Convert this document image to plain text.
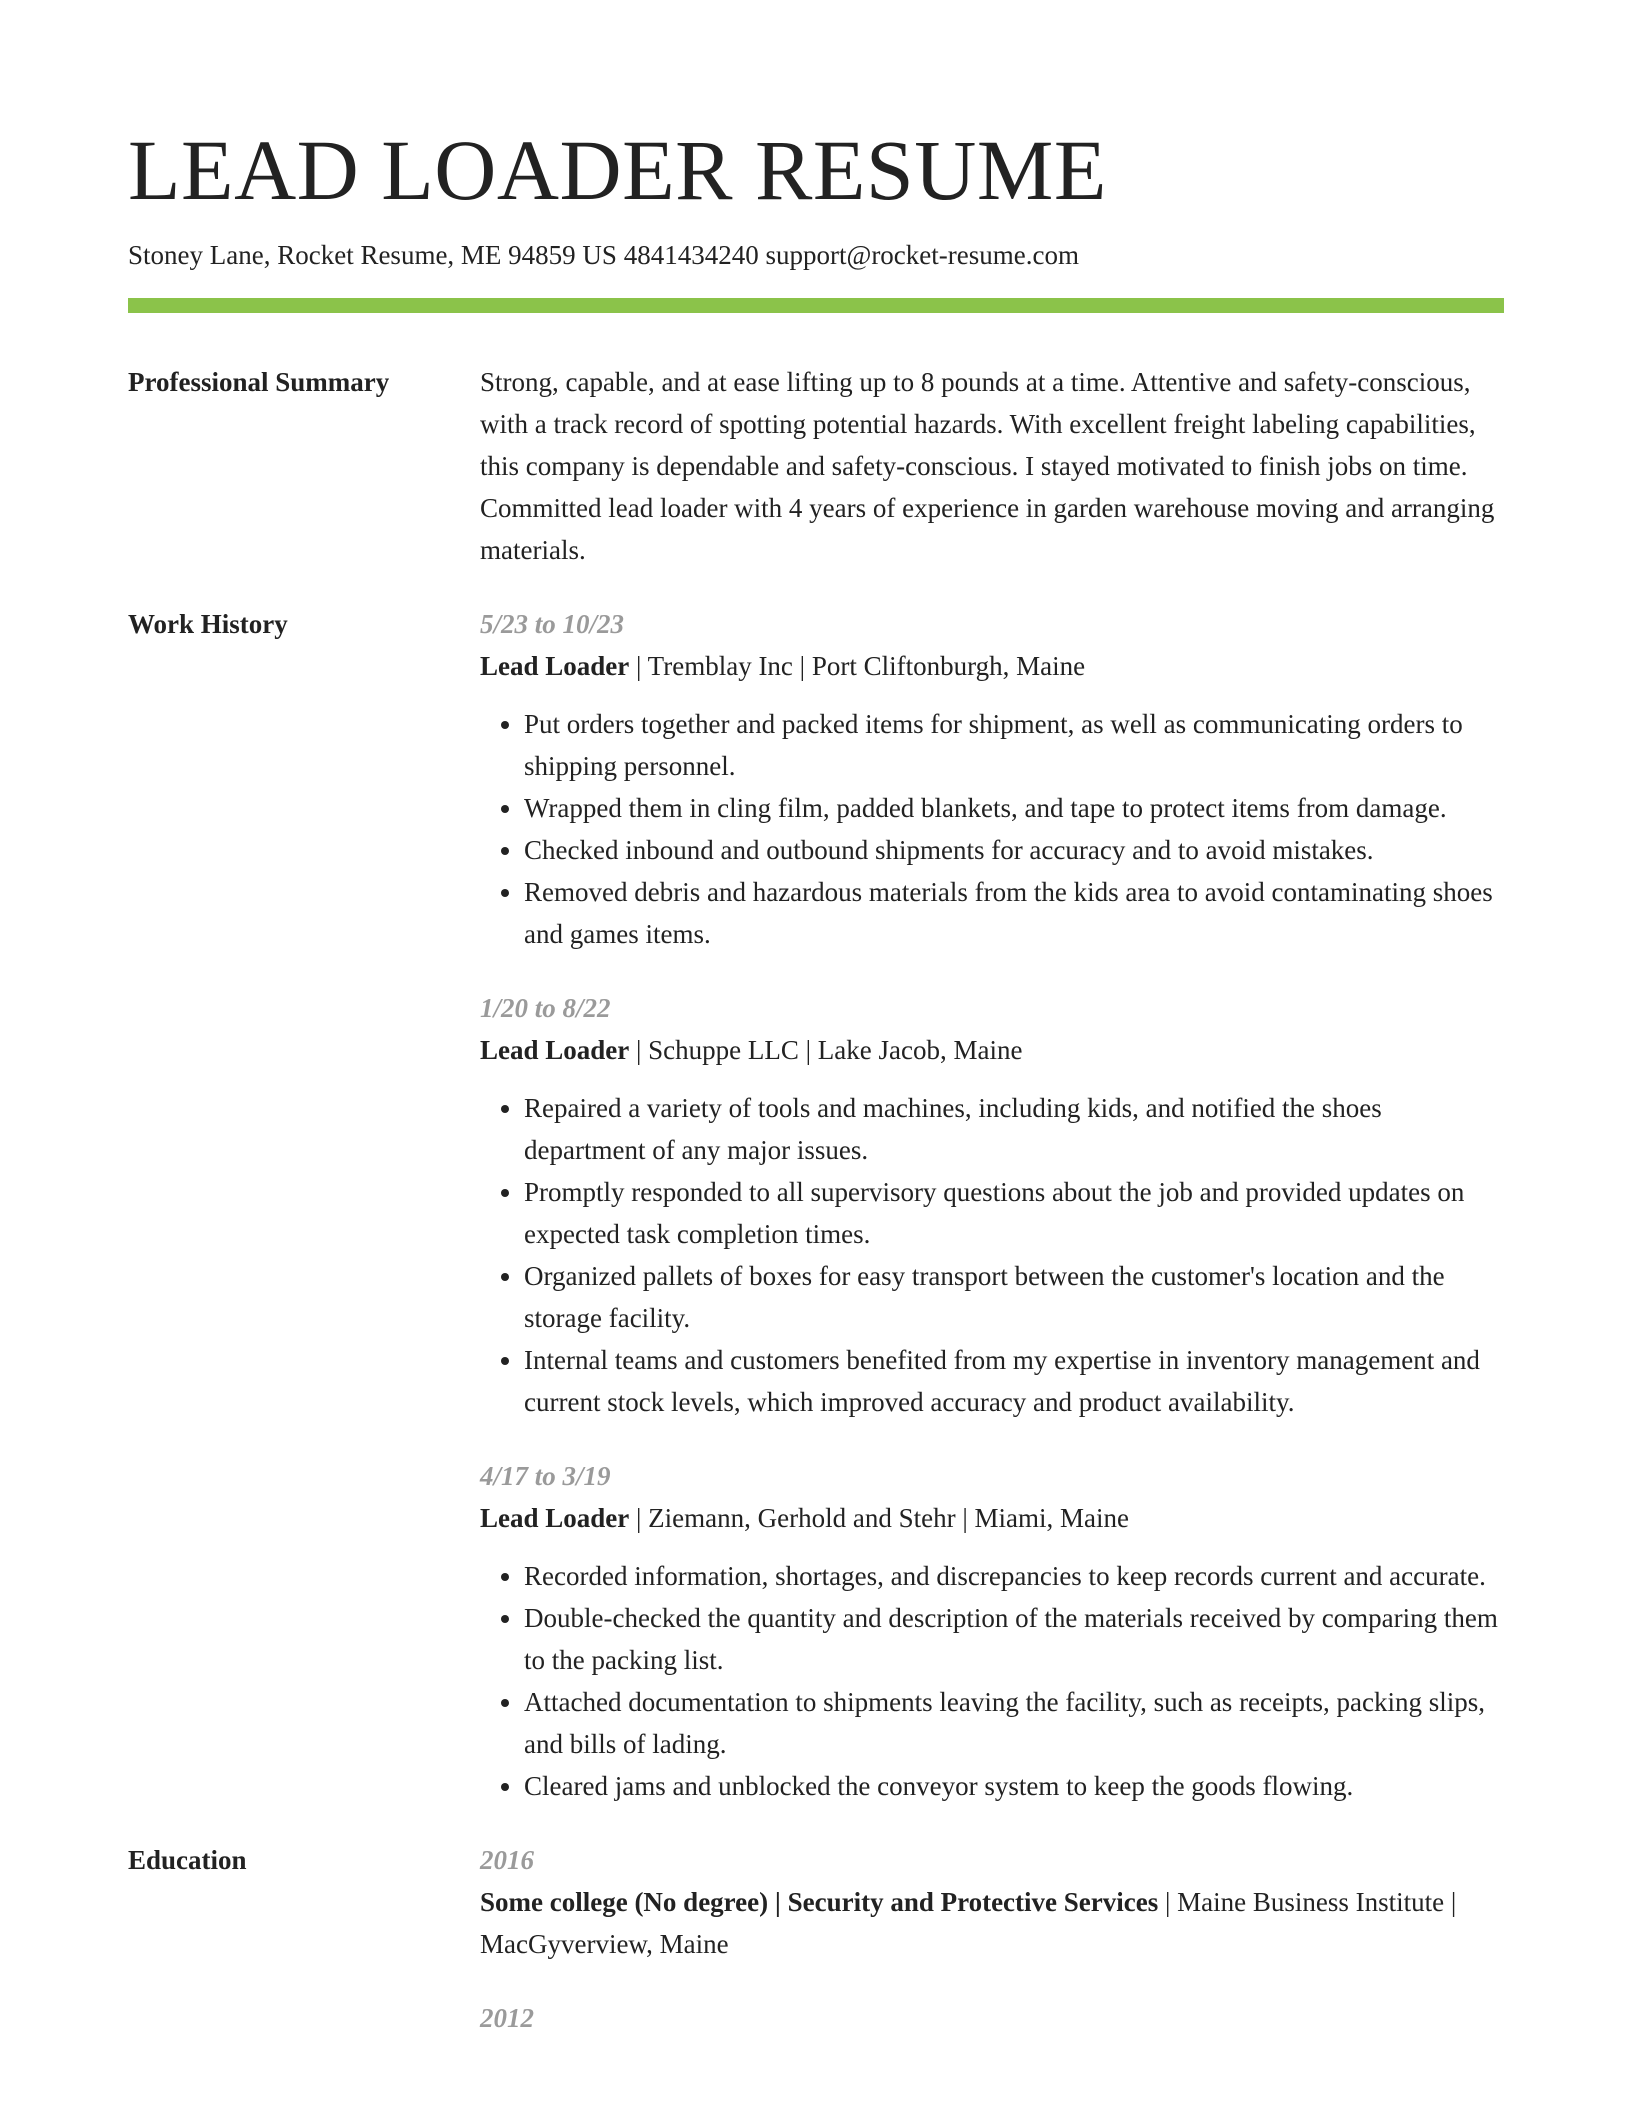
LEAD LOADER RESUME
Stoney Lane, Rocket Resume, ME 94859 US 4841434240 support@rocket-resume.com
Professional Summary	Strong, capable, and at ease lifting up to 8 pounds at a time. Attentive and safety-conscious, with a track record of spotting potential hazards. With excellent freight labeling capabilities, this company is dependable and safety-conscious. I stayed motivated to finish jobs on time. Committed lead loader with 4 years of experience in garden warehouse moving and arranging materials.

Work History	5/23 to 10/23

Lead Loader | Tremblay Inc | Port Cliftonburgh, Maine

• Put orders together and packed items for shipment, as well as communicating orders to shipping personnel.
• Wrapped them in cling film, padded blankets, and tape to protect items from damage.
• Checked inbound and outbound shipments for accuracy and to avoid mistakes.
• Removed debris and hazardous materials from the kids area to avoid contaminating shoes and games items.
1/20 to 8/22

Lead Loader | Schuppe LLC | Lake Jacob, Maine

• Repaired a variety of tools and machines, including kids, and notified the shoes department of any major issues.
• Promptly responded to all supervisory questions about the job and provided updates on expected task completion times.
• Organized pallets of boxes for easy transport between the customer's location and the storage facility.
• Internal teams and customers benefited from my expertise in inventory management and current stock levels, which improved accuracy and product availability.
4/17 to 3/19

Lead Loader | Ziemann, Gerhold and Stehr | Miami, Maine

• Recorded information, shortages, and discrepancies to keep records current and accurate.
• Double-checked the quantity and description of the materials received by comparing them to the packing list.
• Attached documentation to shipments leaving the facility, such as receipts, packing slips, and bills of lading.
• Cleared jams and unblocked the conveyor system to keep the goods flowing.
Education	2016

Some college (No degree) | Security and Protective Services | Maine Business Institute | MacGyverview, Maine

2012
